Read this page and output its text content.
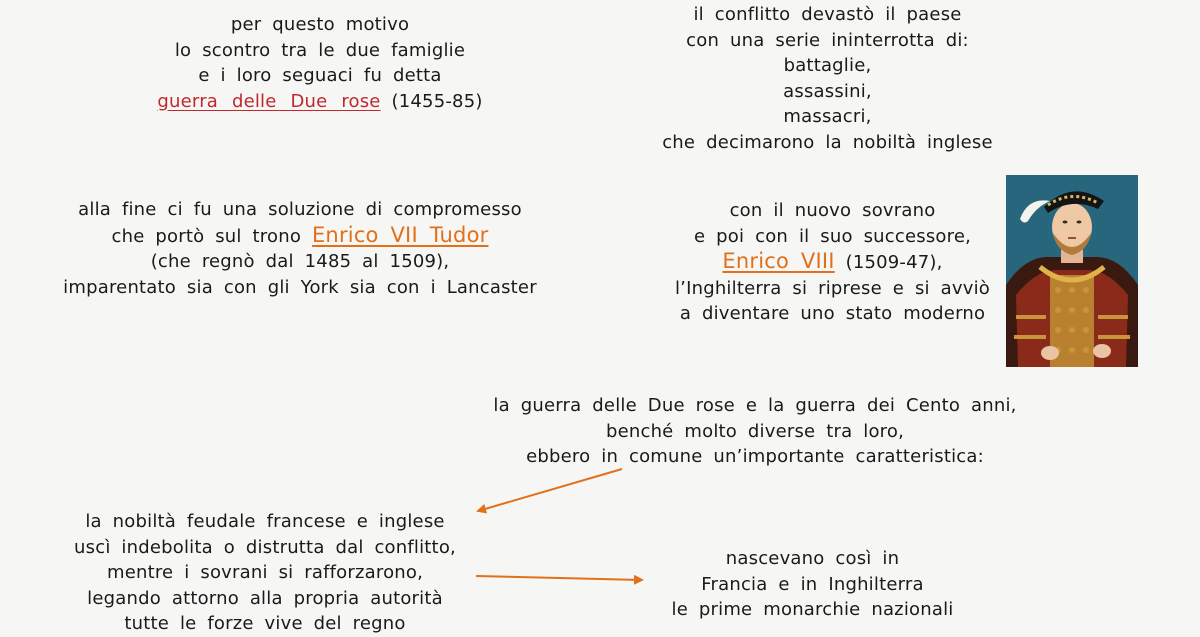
per questo motivo
lo scontro tra le due famiglie
e i loro seguaci fu detta
guerra delle Due rose (1455-85)
il conflitto devastò il paese
con una serie ininterrotta di:
battaglie,
assassini,
massacri,
che decimarono la nobiltà inglese
alla fine ci fu una soluzione di compromesso
che portò sul trono Enrico VII Tudor
(che regnò dal 1485 al 1509),
imparentato sia con gli York sia con i Lancaster
con il nuovo sovrano
e poi con il suo successore,
Enrico VIII (1509-47),
l’Inghilterra si riprese e si avviò
a diventare uno stato moderno
la guerra delle Due rose e la guerra dei Cento anni,
benché molto diverse tra loro,
ebbero in comune un’importante caratteristica:
la nobiltà feudale francese e inglese
uscì indebolita o distrutta dal conflitto,
mentre i sovrani si rafforzarono,
legando attorno alla propria autorità
tutte le forze vive del regno
nascevano così in
Francia e in Inghilterra
le prime monarchie nazionali
